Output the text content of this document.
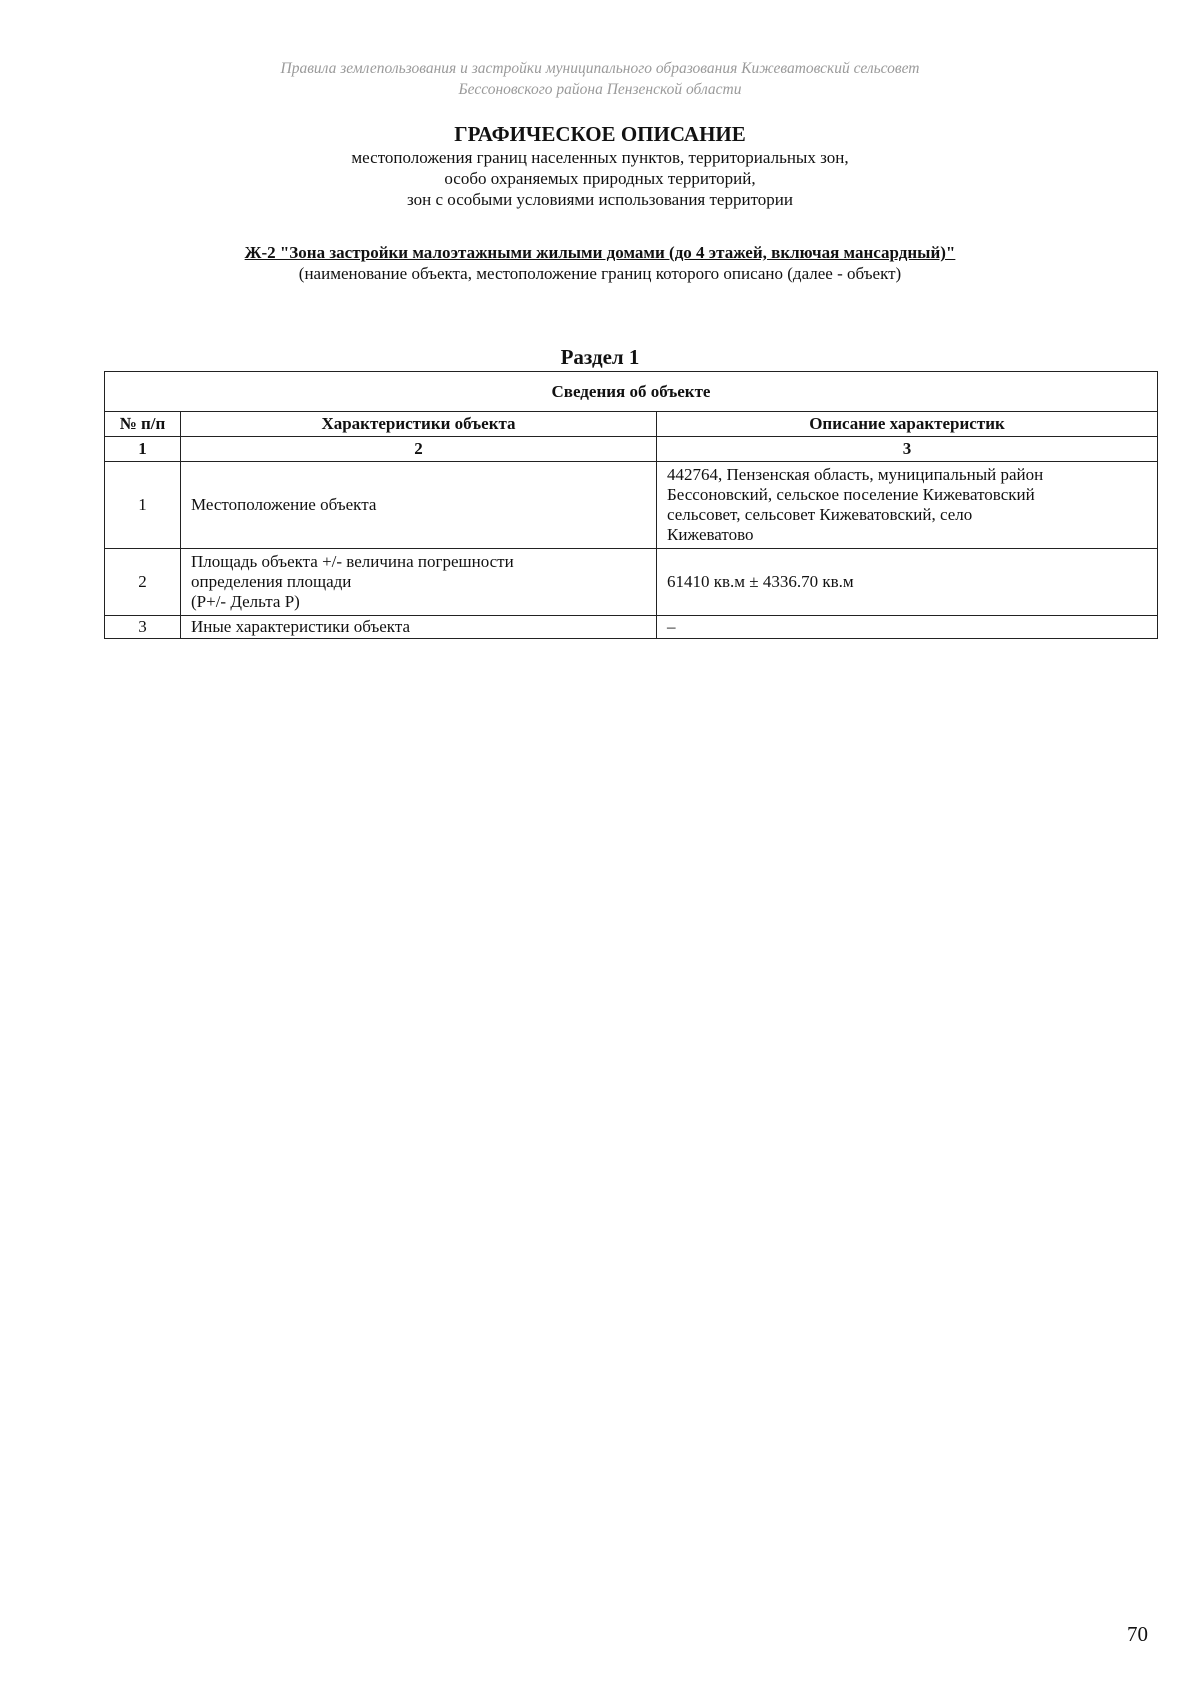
Правила землепользования и застройки муниципального образования Кижеватовский сельсовет
Бессоновского района Пензенской области
ГРАФИЧЕСКОЕ ОПИСАНИЕ
местоположения границ населенных пунктов, территориальных зон,
особо охраняемых природных территорий,
зон с особыми условиями использования территории
Ж-2 "Зона застройки малоэтажными жилыми домами (до 4 этажей, включая мансардный)"
(наименование объекта, местоположение границ которого описано (далее - объект)
Раздел 1
Сведения об объекте		
№ п/п	Характеристики объекта	Описание характеристик
1	2	3
1	Местоположение объекта	442764, Пензенская область, муниципальный район
Бессоновский, сельское поселение Кижеватовский
сельсовет, сельсовет Кижеватовский, село
Кижеватово

2	Площадь объекта +/- величина погрешности
определения площади
(Р+/- Дельта Р)	61410 кв.м ± 4336.70 кв.м

3	Иные характеристики объекта	–
70
